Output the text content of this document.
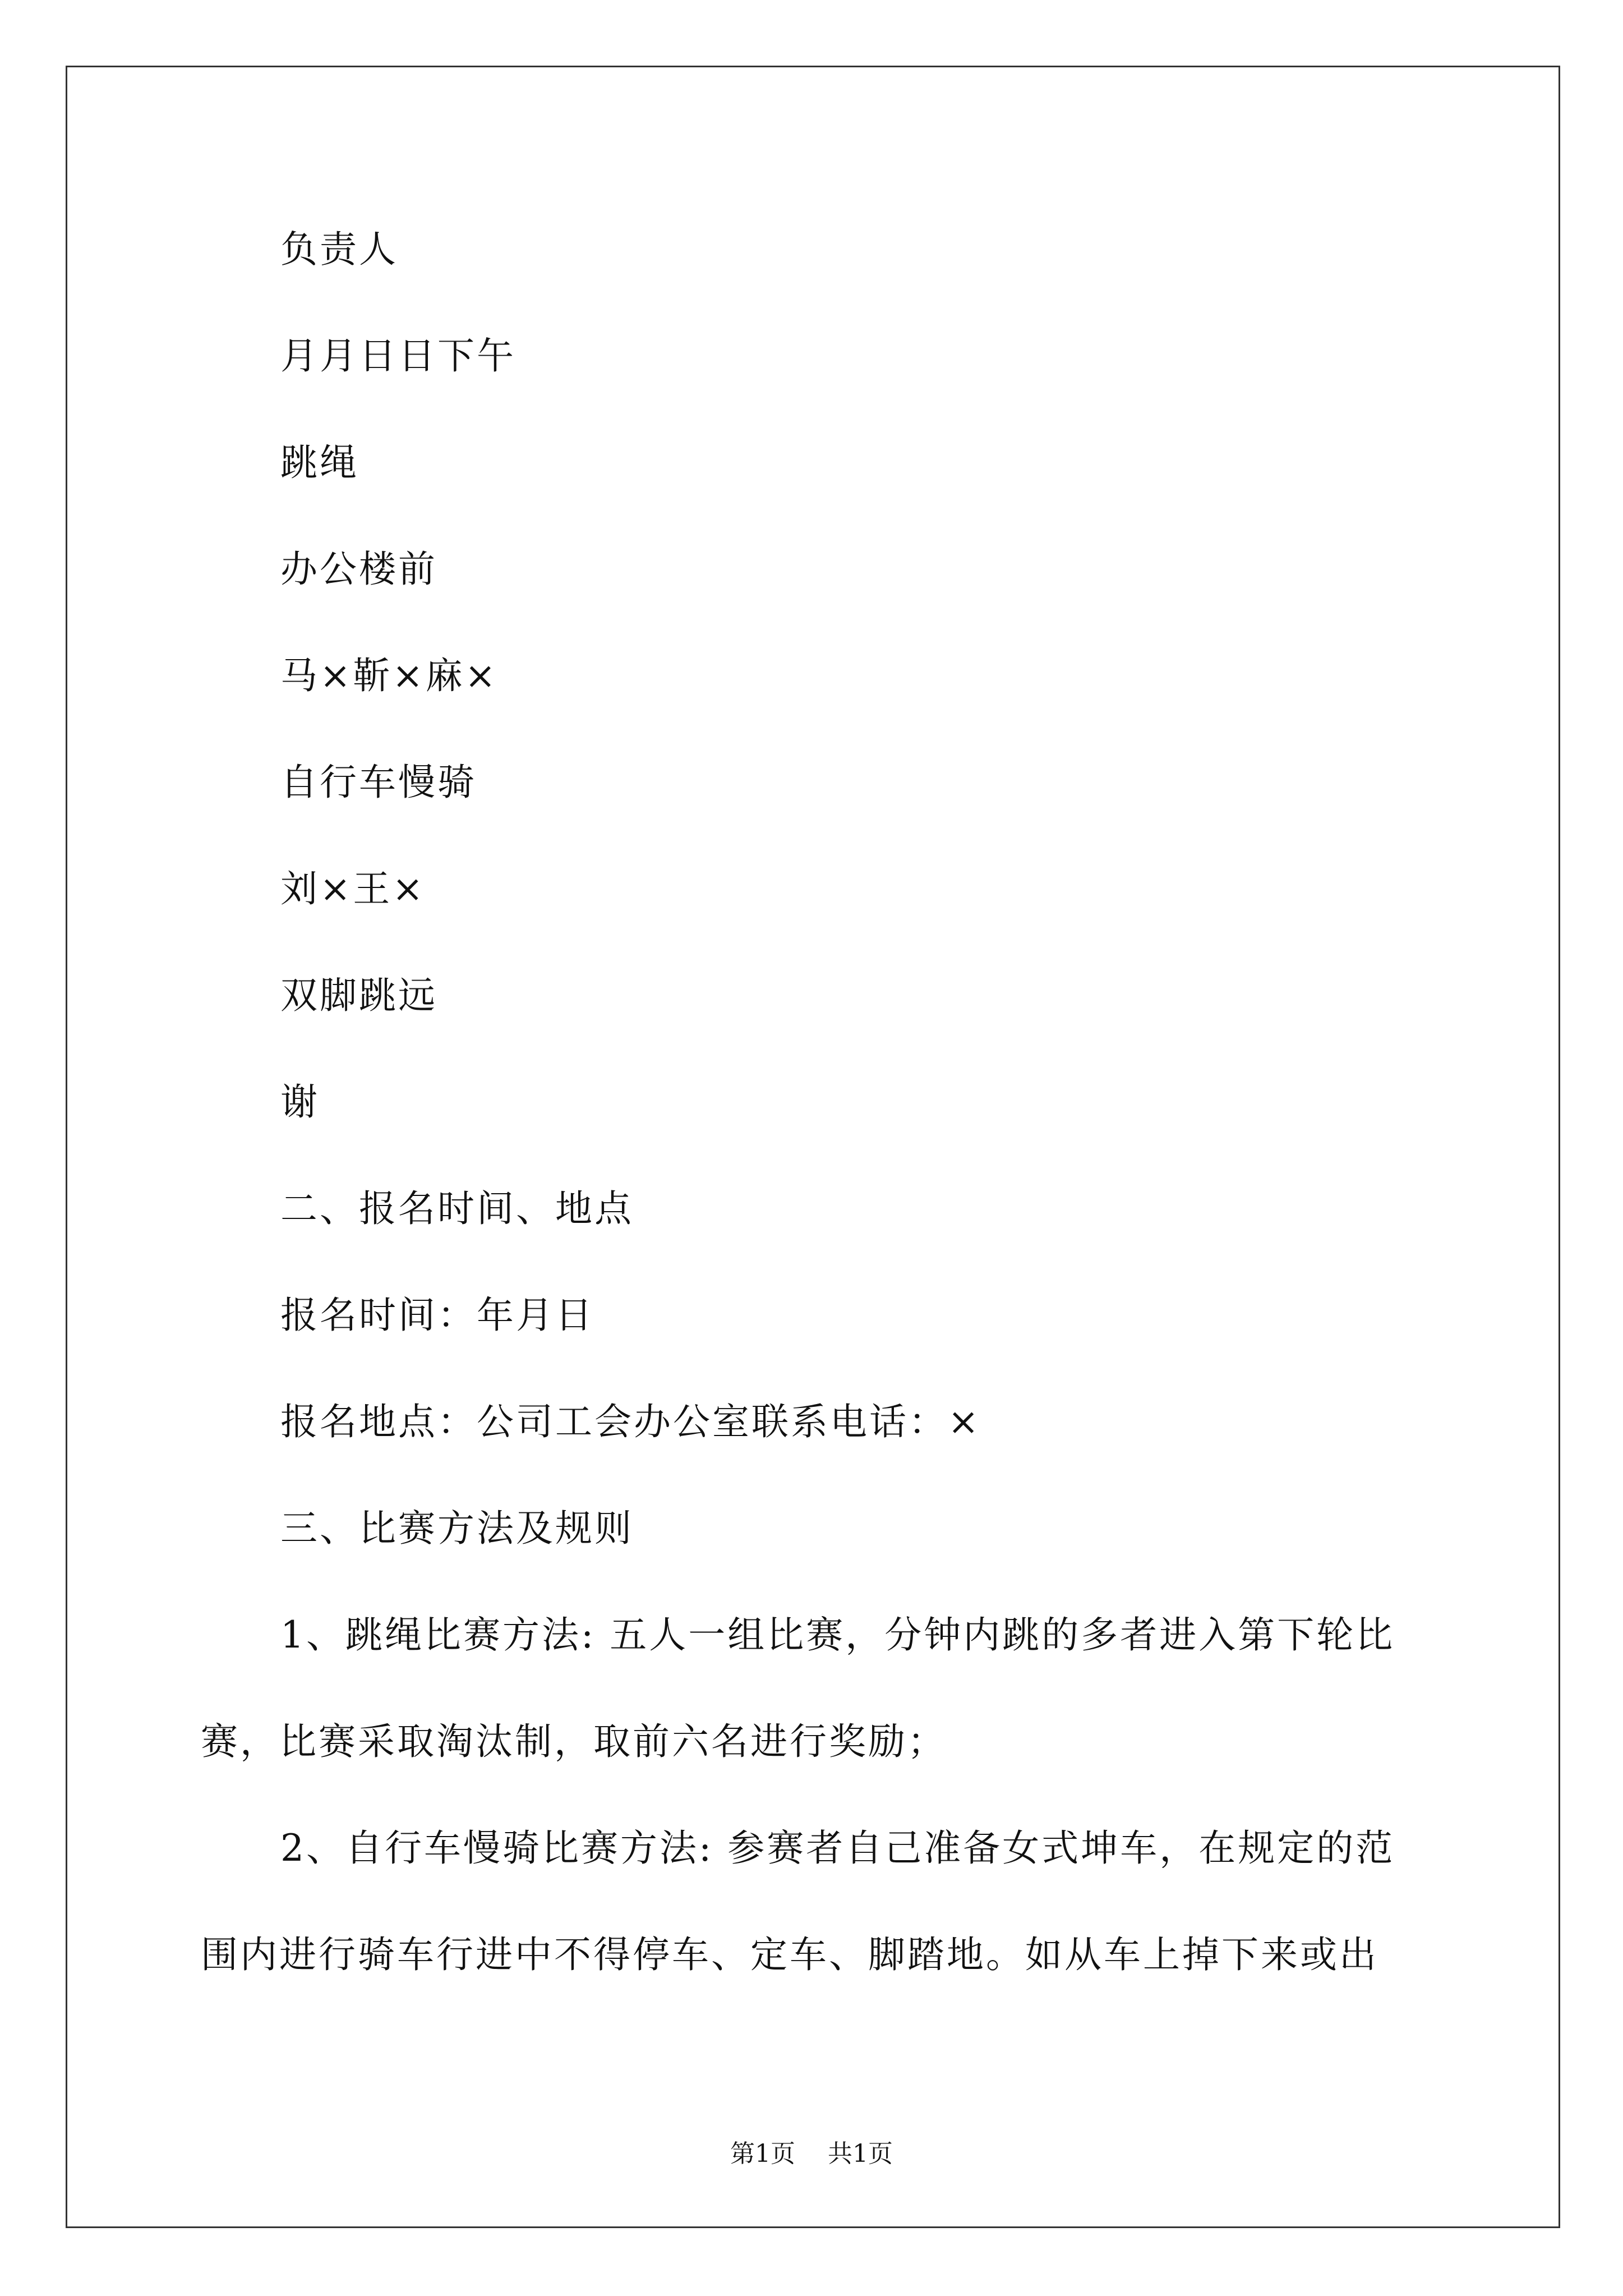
负责人
月月日日下午
跳绳
办公楼前
马×靳×麻×
自行车慢骑
刘×王×
双脚跳远
谢
二、报名时间、地点
报名时间：年月日
报名地点：公司工会办公室联系电话：×
三、比赛方法及规则
1、跳绳比赛方法: 五人一组比赛，分钟内跳的多者进入第下轮比
赛，比赛采取淘汰制，取前六名进行奖励；
2、自行车慢骑比赛方法: 参赛者自己准备女式坤车，在规定的范
围内进行骑车行进中不得停车、定车、脚踏地。如从车上掉下来或出
第1页 共1页
